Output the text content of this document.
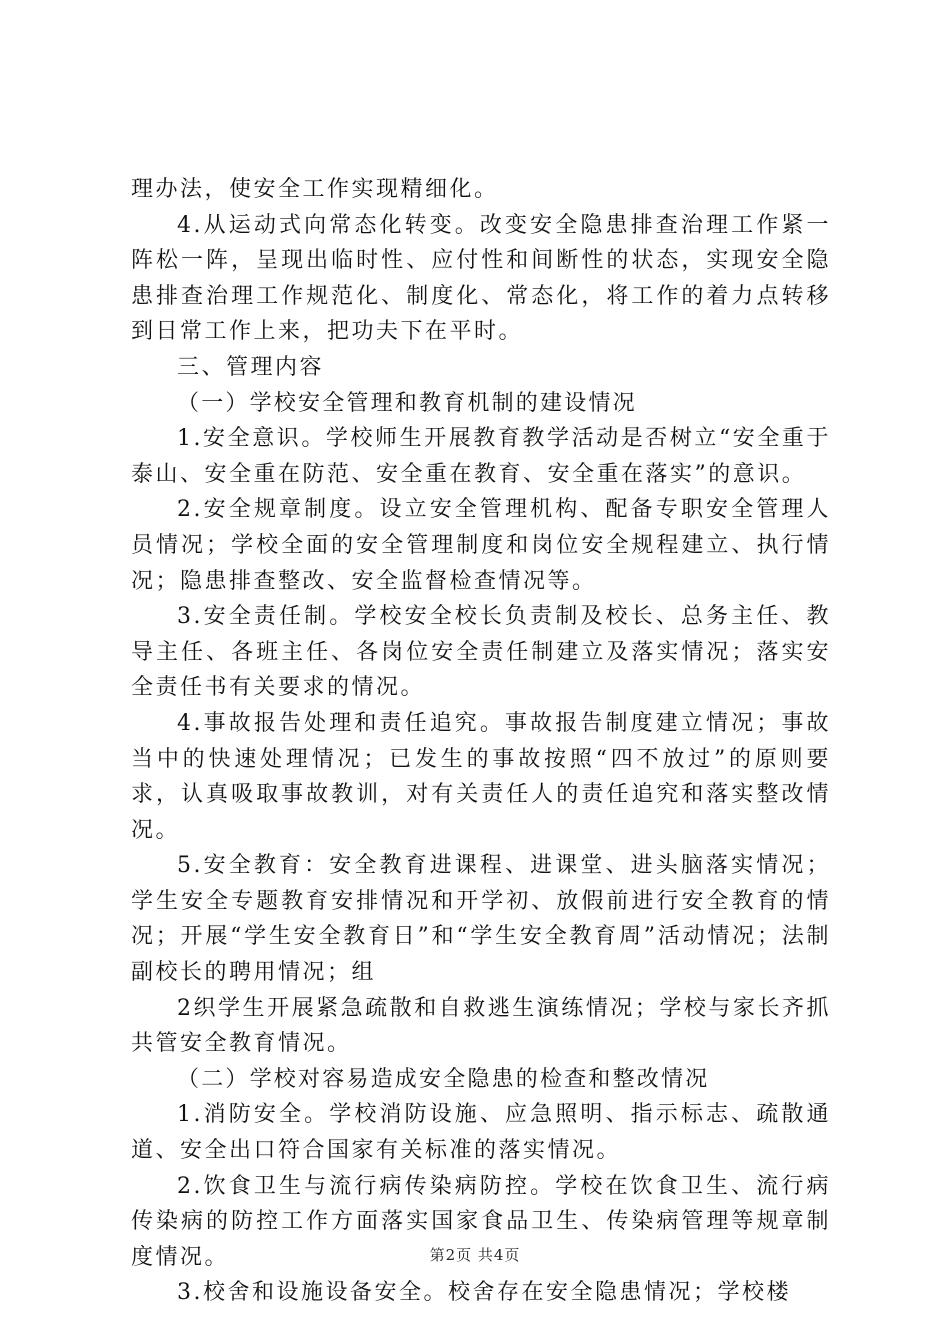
理办法，使安全工作实现精细化。

4.从运动式向常态化转变。改变安全隐患排查治理工作紧一阵松一阵，呈现出临时性、应付性和间断性的状态，实现安全隐患排查治理工作规范化、制度化、常态化，将工作的着力点转移到日常工作上来，把功夫下在平时。

三、管理内容

（一）学校安全管理和教育机制的建设情况

1.安全意识。学校师生开展教育教学活动是否树立“安全重于泰山、安全重在防范、安全重在教育、安全重在落实”的意识。

2.安全规章制度。设立安全管理机构、配备专职安全管理人员情况；学校全面的安全管理制度和岗位安全规程建立、执行情况；隐患排查整改、安全监督检查情况等。

3.安全责任制。学校安全校长负责制及校长、总务主任、教导主任、各班主任、各岗位安全责任制建立及落实情况；落实安全责任书有关要求的情况。

4.事故报告处理和责任追究。事故报告制度建立情况；事故当中的快速处理情况；已发生的事故按照“四不放过”的原则要求，认真吸取事故教训，对有关责任人的责任追究和落实整改情况。

5.安全教育：安全教育进课程、进课堂、进头脑落实情况；学生安全专题教育安排情况和开学初、放假前进行安全教育的情况；开展“学生安全教育日”和“学生安全教育周”活动情况；法制副校长的聘用情况；组

2织学生开展紧急疏散和自救逃生演练情况；学校与家长齐抓共管安全教育情况。

（二）学校对容易造成安全隐患的检查和整改情况

1.消防安全。学校消防设施、应急照明、指示标志、疏散通道、安全出口符合国家有关标准的落实情况。

2.饮食卫生与流行病传染病防控。学校在饮食卫生、流行病传染病的防控工作方面落实国家食品卫生、传染病管理等规章制度情况。

3.校舍和设施设备安全。校舍存在安全隐患情况；学校楼

第2页 共4页
